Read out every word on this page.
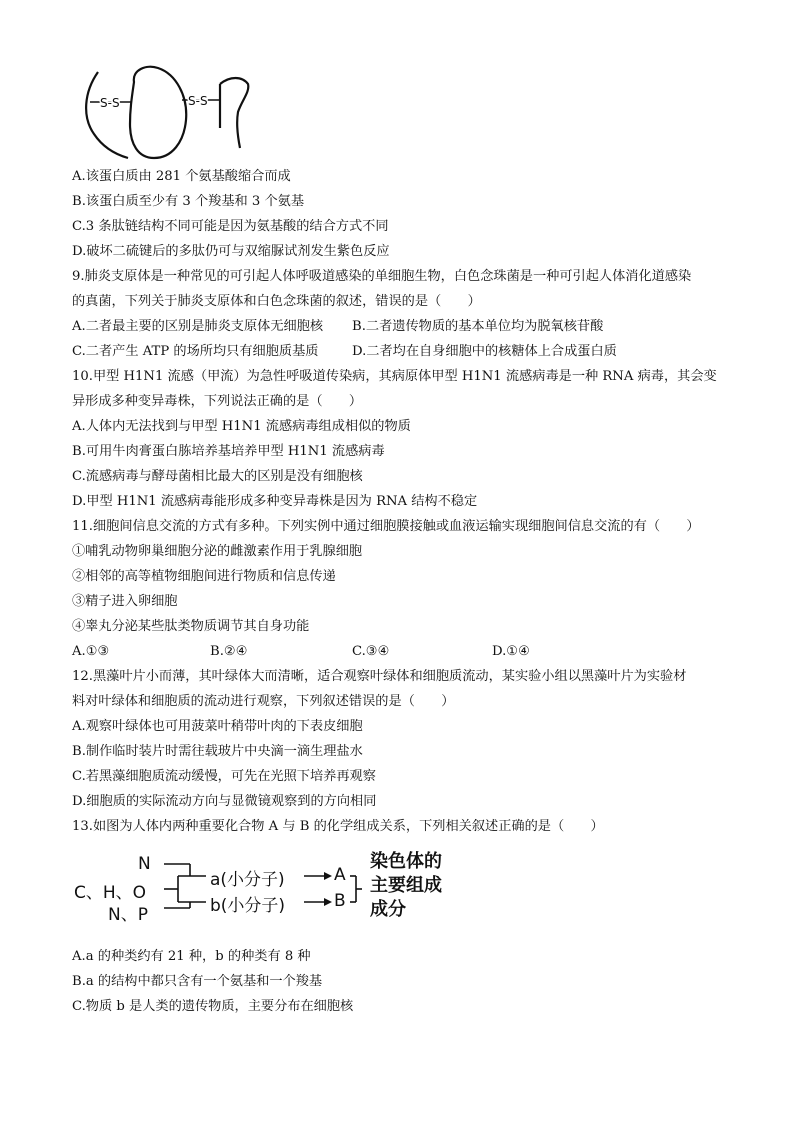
S-S	S-S
A.该蛋白质由 281 个氨基酸缩合而成
B.该蛋白质至少有 3 个羧基和 3 个氨基
C.3 条肽链结构不同可能是因为氨基酸的结合方式不同
D.破坏二硫键后的多肽仍可与双缩脲试剂发生紫色反应
9.肺炎支原体是一种常见的可引起人体呼吸道感染的单细胞生物，白色念珠菌是一种可引起人体消化道感染
的真菌，下列关于肺炎支原体和白色念珠菌的叙述，错误的是（　　）
A.二者最主要的区别是肺炎支原体无细胞核 B.二者遗传物质的基本单位均为脱氧核苷酸
C.二者产生 ATP 的场所均只有细胞质基质	D.二者均在自身细胞中的核糖体上合成蛋白质
10.甲型 H1N1 流感（甲流）为急性呼吸道传染病，其病原体甲型 H1N1 流感病毒是一种 RNA 病毒，其会变
异形成多种变异毒株，下列说法正确的是（　　）
A.人体内无法找到与甲型 H1N1 流感病毒组成相似的物质
B.可用牛肉膏蛋白胨培养基培养甲型 H1N1 流感病毒
C.流感病毒与酵母菌相比最大的区别是没有细胞核
D.甲型 H1N1 流感病毒能形成多种变异毒株是因为 RNA 结构不稳定
11.细胞间信息交流的方式有多种。下列实例中通过细胞膜接触或血液运输实现细胞间信息交流的有（　　）
①哺乳动物卵巢细胞分泌的雌激素作用于乳腺细胞
②相邻的高等植物细胞间进行物质和信息传递
③精子进入卵细胞
④睾丸分泌某些肽类物质调节其自身功能
A.①③	B.②④	C.③④	D.①④
12.黑藻叶片小而薄，其叶绿体大而清晰，适合观察叶绿体和细胞质流动，某实验小组以黑藻叶片为实验材
料对叶绿体和细胞质的流动进行观察，下列叙述错误的是（　　）
A.观察叶绿体也可用菠菜叶稍带叶肉的下表皮细胞
B.制作临时装片时需往载玻片中央滴一滴生理盐水
C.若黑藻细胞质流动缓慢，可先在光照下培养再观察
D.细胞质的实际流动方向与显微镜观察到的方向相同
13.如图为人体内两种重要化合物 A 与 B 的化学组成关系，下列相关叙述正确的是（　　）
N
C、H、O
N、P
a(小分子)
b(小分子)
A
B
染色体的
主要组成
成分
A.a 的种类约有 21 种，b 的种类有 8 种
B.a 的结构中都只含有一个氨基和一个羧基
C.物质 b 是人类的遗传物质，主要分布在细胞核
